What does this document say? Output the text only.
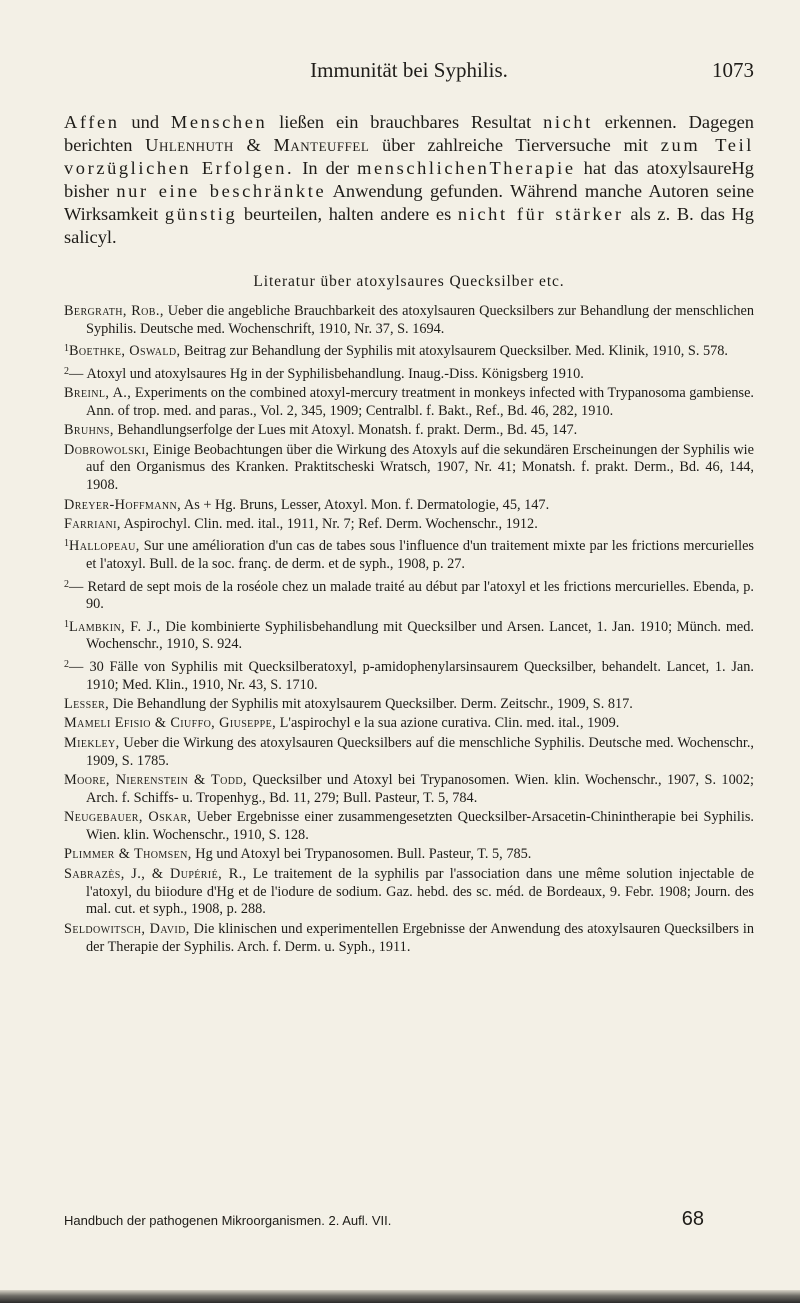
Immunität bei Syphilis.	1073
Affen und Menschen ließen ein brauchbares Resultat nicht erkennen. Dagegen berichten Uhlenhuth & Manteuffel über zahlreiche Tierversuche mit zum Teil vorzüglichen Erfolgen. In der menschlichenTherapie hat das atoxylsaureHg bisher nur eine beschränkte Anwendung gefunden. Während manche Autoren seine Wirksamkeit günstig beurteilen, halten andere es nicht für stärker als z. B. das Hg salicyl.
Literatur über atoxylsaures Quecksilber etc.

Bergrath, Rob., Ueber die angebliche Brauchbarkeit des atoxylsauren Quecksilbers zur Behandlung der menschlichen Syphilis. Deutsche med. Wochenschrift, 1910, Nr. 37, S. 1694.

$^1$Boethke, Oswald, Beitrag zur Behandlung der Syphilis mit atoxylsaurem Quecksilber. Med. Klinik, 1910, S. 578.

$^2$— Atoxyl und atoxylsaures Hg in der Syphilisbehandlung. Inaug.-Diss. Königsberg 1910.

Breinl, A., Experiments on the combined atoxyl-mercury treatment in monkeys infected with Trypanosoma gambiense. Ann. of trop. med. and paras., Vol. 2, 345, 1909; Centralbl. f. Bakt., Ref., Bd. 46, 282, 1910.

Bruhns, Behandlungserfolge der Lues mit Atoxyl. Monatsh. f. prakt. Derm., Bd. 45, 147.

Dobrowolski, Einige Beobachtungen über die Wirkung des Atoxyls auf die sekundären Erscheinungen der Syphilis wie auf den Organismus des Kranken. Praktitscheski Wratsch, 1907, Nr. 41; Monatsh. f. prakt. Derm., Bd. 46, 144, 1908.

Dreyer-Hoffmann, As + Hg. Bruns, Lesser, Atoxyl. Mon. f. Dermatologie, 45, 147.

Farriani, Aspirochyl. Clin. med. ital., 1911, Nr. 7; Ref. Derm. Wochenschr., 1912.

$^1$Hallopeau, Sur une amélioration d'un cas de tabes sous l'influence d'un traitement mixte par les frictions mercurielles et l'atoxyl. Bull. de la soc. franç. de derm. et de syph., 1908, p. 27.

$^2$— Retard de sept mois de la roséole chez un malade traité au début par l'atoxyl et les frictions mercurielles. Ebenda, p. 90.

$^1$Lambkin, F. J., Die kombinierte Syphilisbehandlung mit Quecksilber und Arsen. Lancet, 1. Jan. 1910; Münch. med. Wochenschr., 1910, S. 924.

$^2$— 30 Fälle von Syphilis mit Quecksilberatoxyl, p-amidophenylarsinsaurem Quecksilber, behandelt. Lancet, 1. Jan. 1910; Med. Klin., 1910, Nr. 43, S. 1710.

Lesser, Die Behandlung der Syphilis mit atoxylsaurem Quecksilber. Derm. Zeitschr., 1909, S. 817.

Mameli Efisio & Ciuffo, Giuseppe, L'aspirochyl e la sua azione curativa. Clin. med. ital., 1909.

Miekley, Ueber die Wirkung des atoxylsauren Quecksilbers auf die menschliche Syphilis. Deutsche med. Wochenschr., 1909, S. 1785.

Moore, Nierenstein & Todd, Quecksilber und Atoxyl bei Trypanosomen. Wien. klin. Wochenschr., 1907, S. 1002; Arch. f. Schiffs- u. Tropenhyg., Bd. 11, 279; Bull. Pasteur, T. 5, 784.

Neugebauer, Oskar, Ueber Ergebnisse einer zusammengesetzten Quecksilber-Arsacetin-Chinintherapie bei Syphilis. Wien. klin. Wochenschr., 1910, S. 128.

Plimmer & Thomsen, Hg und Atoxyl bei Trypanosomen. Bull. Pasteur, T. 5, 785.

Sabrazès, J., & Dupérié, R., Le traitement de la syphilis par l'association dans une même solution injectable de l'atoxyl, du biiodure d'Hg et de l'iodure de sodium. Gaz. hebd. des sc. méd. de Bordeaux, 9. Febr. 1908; Journ. des mal. cut. et syph., 1908, p. 288.

Seldowitsch, David, Die klinischen und experimentellen Ergebnisse der Anwendung des atoxylsauren Quecksilbers in der Therapie der Syphilis. Arch. f. Derm. u. Syph., 1911.

Handbuch der pathogenen Mikroorganismen. 2. Aufl. VII.	68
